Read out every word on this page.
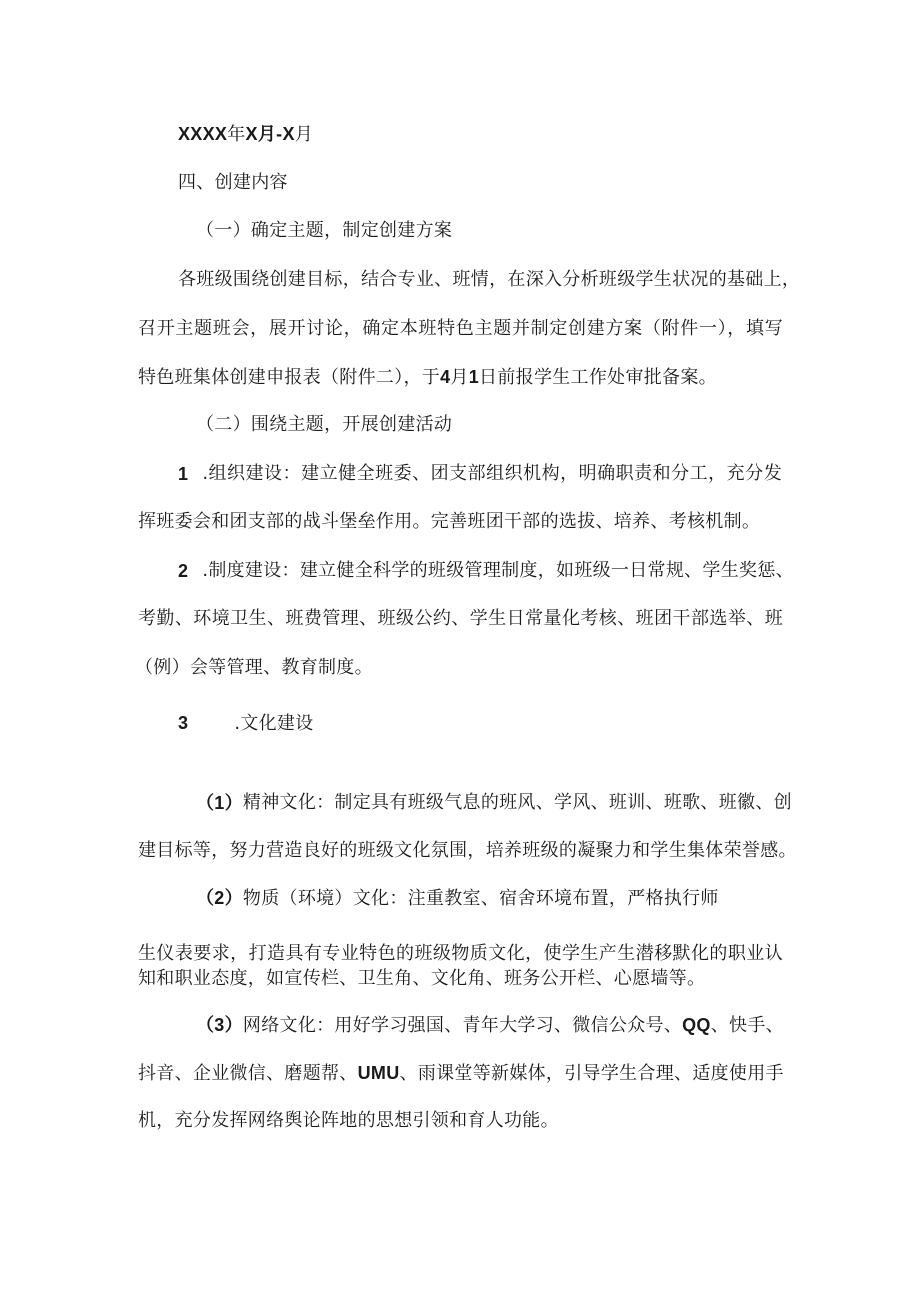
XXXX年X月-X月
四、创建内容
（一）确定主题，制定创建方案
各班级围绕创建目标，结合专业、班情，在深入分析班级学生状况的基础上，
召开主题班会，展开讨论，确定本班特色主题并制定创建方案（附件一），填写
特色班集体创建申报表（附件二），于4月1日前报学生工作处审批备案。
（二）围绕主题，开展创建活动
1 .组织建设：建立健全班委、团支部组织机构，明确职责和分工，充分发
挥班委会和团支部的战斗堡垒作用。完善班团干部的选拔、培养、考核机制。
2 .制度建设：建立健全科学的班级管理制度，如班级一日常规、学生奖惩、
考勤、环境卫生、班费管理、班级公约、学生日常量化考核、班团干部选举、班
（例）会等管理、教育制度。
3	.文化建设
（1） 精神文化：制定具有班级气息的班风、学风、班训、班歌、班徽、创
建目标等，努力营造良好的班级文化氛围，培养班级的凝聚力和学生集体荣誉感。
（2）物质（环境）文化：注重教室、宿舍环境布置，严格执行师
生仪表要求，打造具有专业特色的班级物质文化，使学生产生潜移默化的职业认
知和职业态度，如宣传栏、卫生角、文化角、班务公开栏、心愿墙等。
（3） 网络文化：用好学习强国、青年大学习、微信公众号、QQ、快手、
抖音、企业微信、磨题帮、UMU、雨课堂等新媒体，引导学生合理、适度使用手
机，充分发挥网络舆论阵地的思想引领和育人功能。
